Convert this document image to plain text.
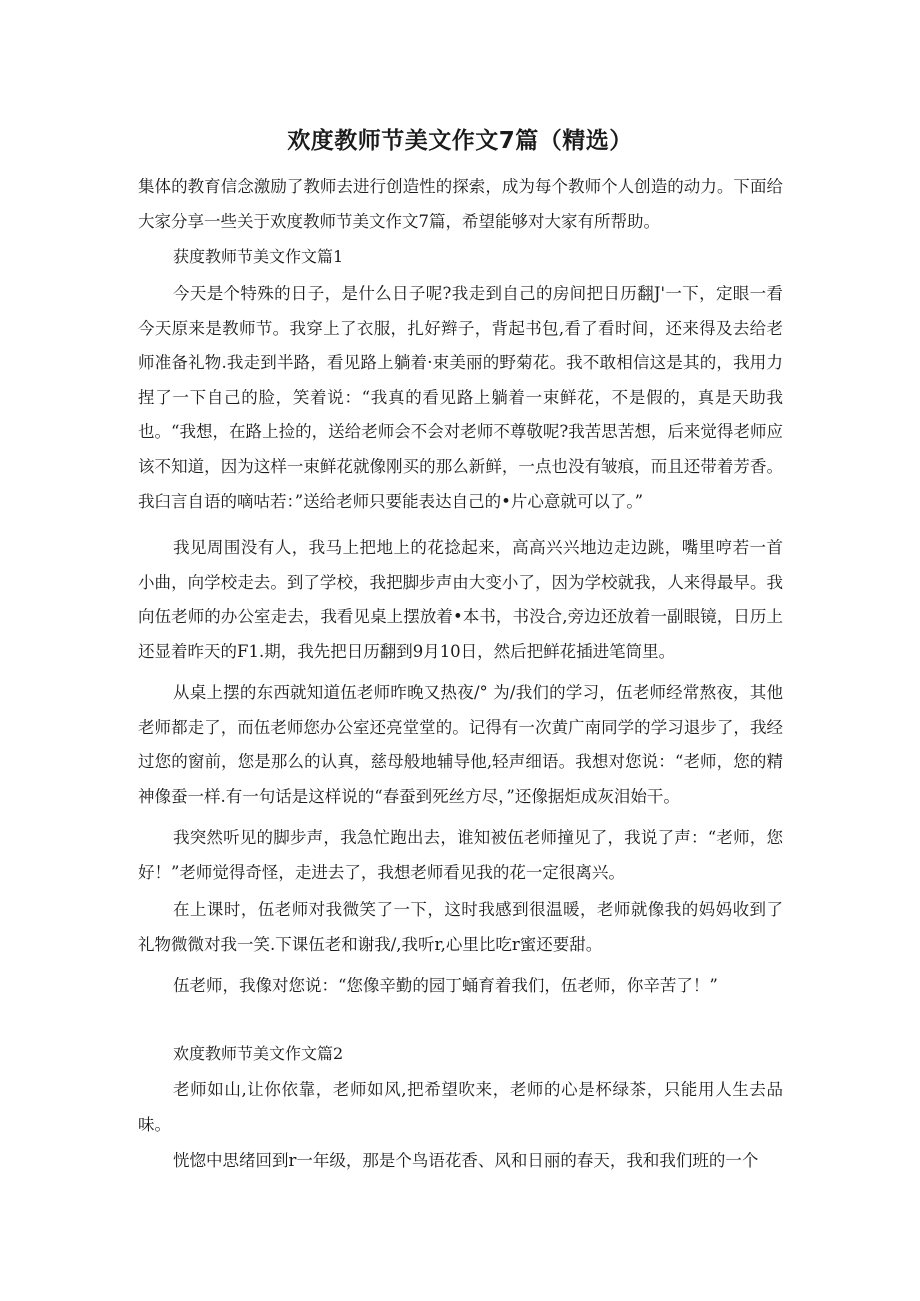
欢度教师节美文作文7篇（精选）

集体的教育信念激励了教师去进行创造性的探索，成为每个教师个人创造的动力。下面给大家分享一些关于欢度教师节美文作文7篇，希望能够对大家有所帮助。

获度教师节美文作文篇1

今天是个特殊的日子，是什么日子呢?我走到自己的房间把日历翻J'一下，定眼一看今天原来是教师节。我穿上了衣服，扎好辫子，背起书包,看了看时间，还来得及去给老师准备礼物.我走到半路，看见路上躺着·束美丽的野菊花。我不敢相信这是其的，我用力捏了一下自己的脸，笑着说：“我真的看见路上躺着一束鲜花，不是假的，真是天助我也。“我想，在路上捡的，送给老师会不会对老师不尊敬呢?我苦思苦想，后来觉得老师应该不知道，因为这样一束鲜花就像刚买的那么新鲜，一点也没有皱痕，而且还带着芳香。我臼言自语的嘀咕若：”送给老师只要能表达自己的•片心意就可以了。”

我见周围没有人，我马上把地上的花捻起来，高高兴兴地边走边跳，嘴里哼若一首小曲，向学校走去。到了学校，我把脚步声由大变小了，因为学校就我，人来得最早。我向伍老师的办公室走去，我看见桌上摆放着•本书，书没合,旁边还放着一副眼镜，日历上还显着昨天的F1.期，我先把日历翻到9月10日，然后把鲜花插进笔筒里。

从桌上摆的东西就知道伍老师昨晚又热夜/° 为/我们的学习，伍老师经常熬夜，其他老师都走了，而伍老师您办公室还亮堂堂的。记得有一次黄广南同学的学习退步了，我经过您的窗前，您是那么的认真，慈母般地辅导他,轻声细语。我想对您说：“老师，您的精神像蚕一样.有一句话是这样说的“春蚕到死丝方尽，”还像据炬成灰泪始干。

我突然听见的脚步声，我急忙跑出去，谁知被伍老师撞见了，我说了声：“老师，您好！”老师觉得奇怪，走进去了，我想老师看见我的花一定很离兴。

在上课时，伍老师对我微笑了一下，这时我感到很温暖，老师就像我的妈妈收到了礼物微微对我一笑.下课伍老和谢我/,我听r,心里比吃r蜜还要甜。

伍老师，我像对您说：“您像辛勤的园丁蛹育着我们，伍老师，你辛苦了！”

欢度教师节美文作文篇2

老师如山,让你依靠，老师如风,把希望吹来，老师的心是杯绿茶，只能用人生去品味。

恍惚中思绪回到r一年级，那是个鸟语花香、风和日丽的春天，我和我们班的一个
